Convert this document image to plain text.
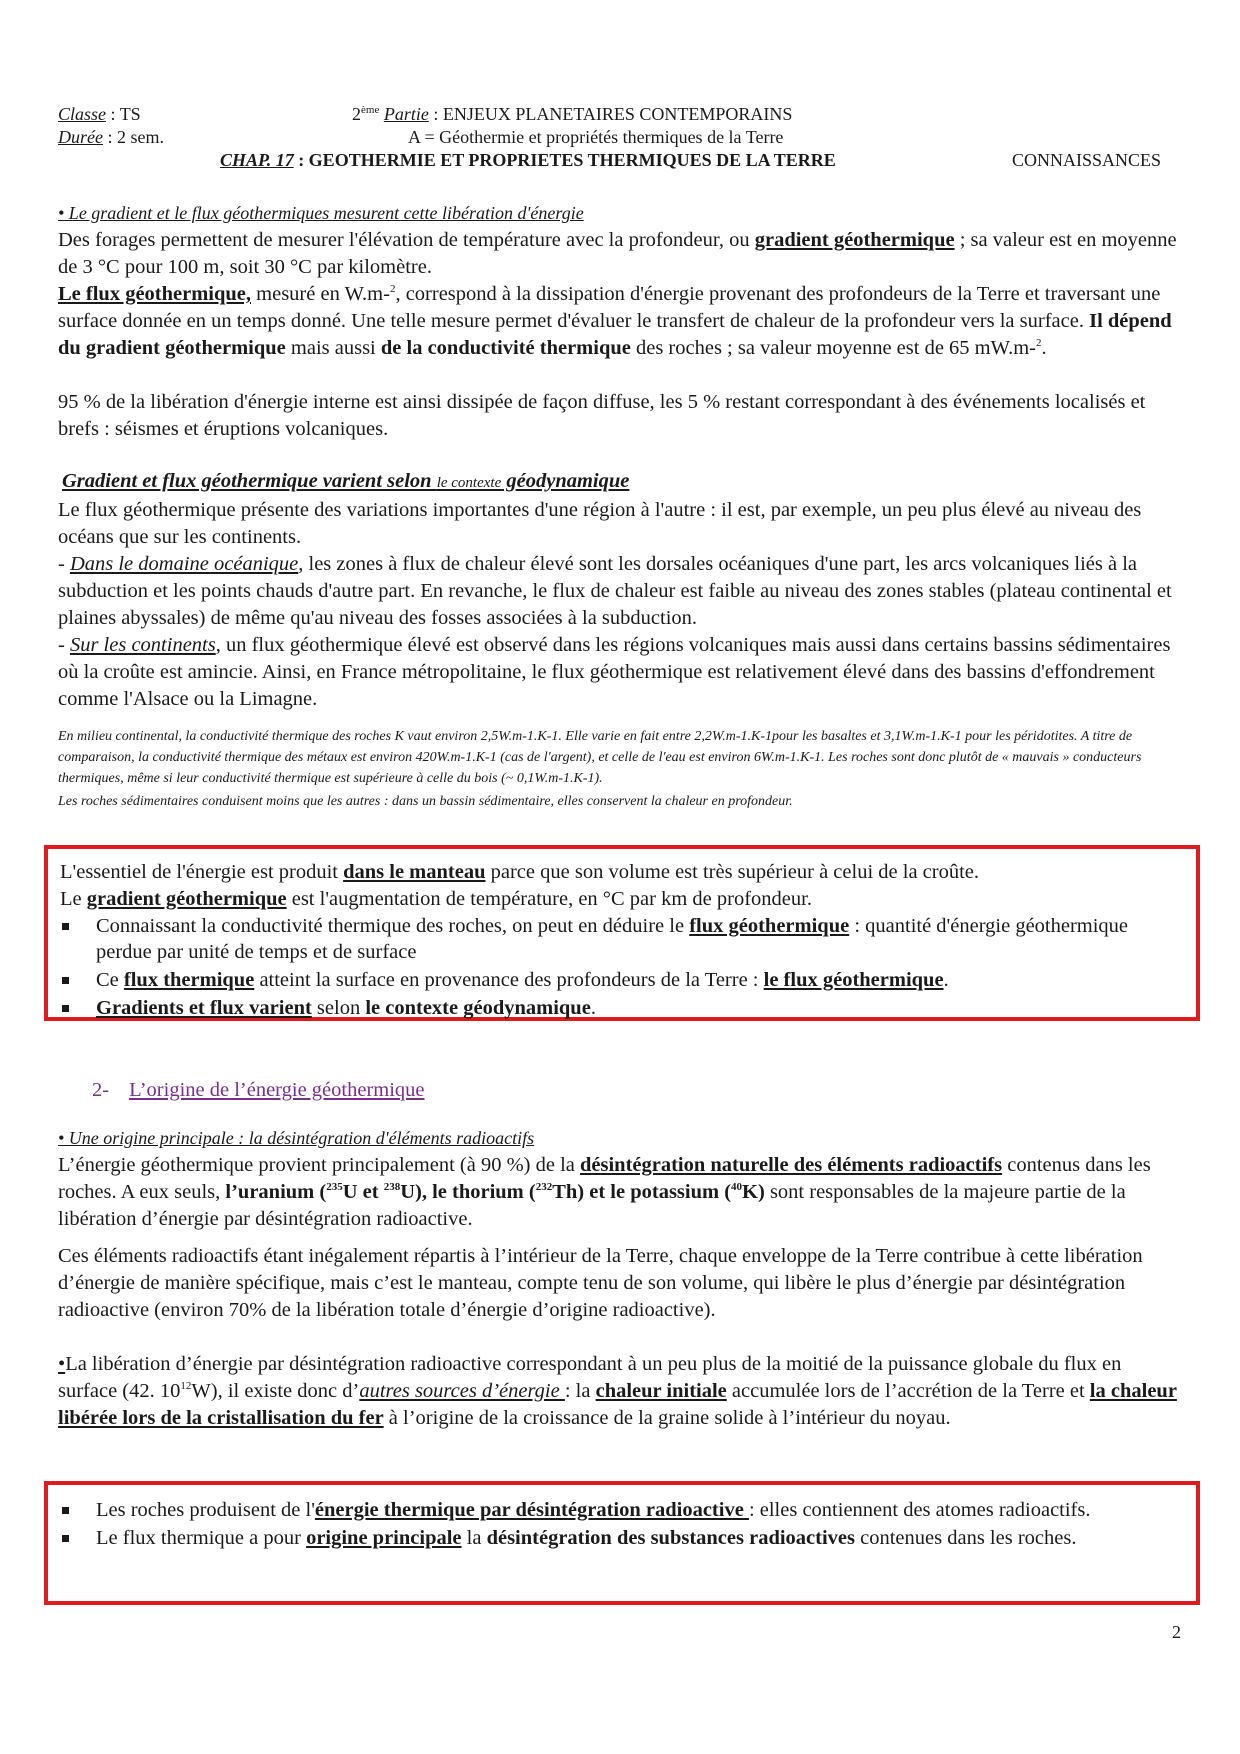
Classe : TS
Durée : 2 sem.
2ème Partie : ENJEUX PLANETAIRES CONTEMPORAINS
A = Géothermie et propriétés thermiques de la Terre
CHAP. 17 : GEOTHERMIE ET PROPRIETES THERMIQUES DE LA TERRE	CONNAISSANCES
• Le gradient et le flux géothermiques mesurent cette libération d'énergie

Des forages permettent de mesurer l'élévation de température avec la profondeur, ou gradient géothermique ; sa valeur est en moyenne de 3 °C pour 100 m, soit 30 °C par kilomètre.

Le flux géothermique, mesuré en W.m-$^2$, correspond à la dissipation d'énergie provenant des profondeurs de la Terre et traversant une surface donnée en un temps donné. Une telle mesure permet d'évaluer le transfert de chaleur de la profondeur vers la surface. Il dépend du gradient géothermique mais aussi de la conductivité thermique des roches ; sa valeur moyenne est de 65 mW.m-$^2$.

95 % de la libération d'énergie interne est ainsi dissipée de façon diffuse, les 5 % restant correspondant à des événements localisés et brefs : séismes et éruptions volcaniques.

Gradient et flux géothermique varient selon le contexte géodynamique

Le flux géothermique présente des variations importantes d'une région à l'autre : il est, par exemple, un peu plus élevé au niveau des océans que sur les continents.

- Dans le domaine océanique, les zones à flux de chaleur élevé sont les dorsales océaniques d'une part, les arcs volcaniques liés à la subduction et les points chauds d'autre part. En revanche, le flux de chaleur est faible au niveau des zones stables (plateau continental et plaines abyssales) de même qu'au niveau des fosses associées à la subduction.

- Sur les continents, un flux géothermique élevé est observé dans les régions volcaniques mais aussi dans certains bassins sédimentaires où la croûte est amincie. Ainsi, en France métropolitaine, le flux géothermique est relativement élevé dans des bassins d'effondrement comme l'Alsace ou la Limagne.

En milieu continental, la conductivité thermique des roches K vaut environ 2,5W.m-1.K-1. Elle varie en fait entre 2,2W.m-1.K-1pour les basaltes et 3,1W.m-1.K-1 pour les péridotites. A titre de comparaison, la conductivité thermique des métaux est environ 420W.m-1.K-1 (cas de l'argent), et celle de l'eau est environ 6W.m-1.K-1. Les roches sont donc plutôt de « mauvais » conducteurs thermiques, même si leur conductivité thermique est supérieure à celle du bois (~ 0,1W.m-1.K-1).

Les roches sédimentaires conduisent moins que les autres : dans un bassin sédimentaire, elles conservent la chaleur en profondeur.

L'essentiel de l'énergie est produit dans le manteau parce que son volume est très supérieur à celui de la croûte.

Le gradient géothermique est l'augmentation de température, en °C par km de profondeur.

Connaissant la conductivité thermique des roches, on peut en déduire le flux géothermique : quantité d'énergie géothermique perdue par unité de temps et de surface
Ce flux thermique atteint la surface en provenance des profondeurs de la Terre : le flux géothermique.
Gradients et flux varient selon le contexte géodynamique.
2- L’origine de l’énergie géothermique
• Une origine principale : la désintégration d'éléments radioactifs

L’énergie géothermique provient principalement (à 90 %) de la désintégration naturelle des éléments radioactifs contenus dans les roches. A eux seuls, l’uranium ($^{235}$U et $^{238}$U), le thorium ($^{232}$Th) et le potassium ($^{40}$K) sont responsables de la majeure partie de la libération d’énergie par désintégration radioactive.

Ces éléments radioactifs étant inégalement répartis à l’intérieur de la Terre, chaque enveloppe de la Terre contribue à cette libération d’énergie de manière spécifique, mais c’est le manteau, compte tenu de son volume, qui libère le plus d’énergie par désintégration radioactive (environ 70% de la libération totale d’énergie d’origine radioactive).

•La libération d’énergie par désintégration radioactive correspondant à un peu plus de la moitié de la puissance globale du flux en surface (42. $10^{12}W$), il existe donc d’autres sources d’énergie : la chaleur initiale accumulée lors de l’accrétion de la Terre et la chaleur libérée lors de la cristallisation du fer à l’origine de la croissance de la graine solide à l’intérieur du noyau.

Les roches produisent de l'énergie thermique par désintégration radioactive : elles contiennent des atomes radioactifs.
Le flux thermique a pour origine principale la désintégration des substances radioactives contenues dans les roches.
2
